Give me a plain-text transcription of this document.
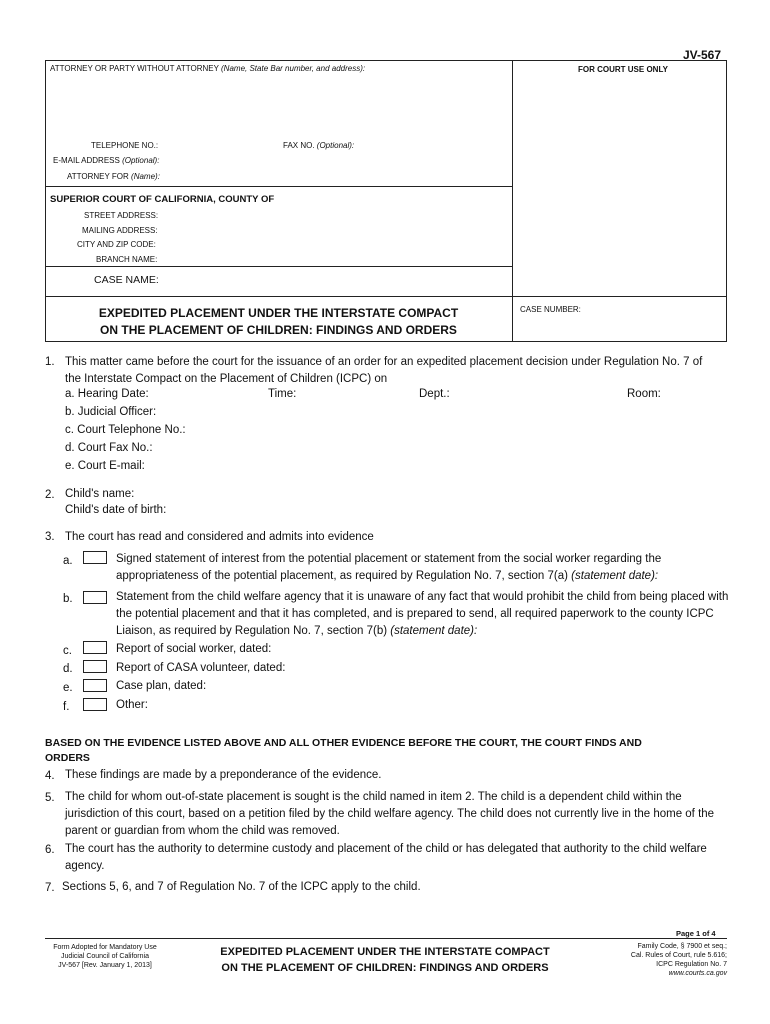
JV-567
ATTORNEY OR PARTY WITHOUT ATTORNEY (Name, State Bar number, and address):	FOR COURT USE ONLY
TELEPHONE NO.:	FAX NO. (Optional):
E-MAIL ADDRESS (Optional):
ATTORNEY FOR (Name):
SUPERIOR COURT OF CALIFORNIA, COUNTY OF
STREET ADDRESS:
MAILING ADDRESS:
CITY AND ZIP CODE:
BRANCH NAME:
CASE NAME:
EXPEDITED PLACEMENT UNDER THE INTERSTATE COMPACT
ON THE PLACEMENT OF CHILDREN: FINDINGS AND ORDERS
CASE NUMBER:
1. This matter came before the court for the issuance of an order for an expedited placement decision under Regulation No. 7 of
the Interstate Compact on the Placement of Children (ICPC) on
a. Hearing Date:	Time:	Dept.:	Room:
b. Judicial Officer:
c. Court Telephone No.:
d. Court Fax No.:
e. Court E-mail:
2. Child's name:
Child's date of birth:
3. The court has read and considered and admits into evidence
a.	Signed statement of interest from the potential placement or statement from the social worker regarding the
appropriateness of the potential placement, as required by Regulation No. 7, section 7(a) (statement date):
b.	Statement from the child welfare agency that it is unaware of any fact that would prohibit the child from being placed with
the potential placement and that it has completed, and is prepared to send, all required paperwork to the county ICPC
Liaison, as required by Regulation No. 7, section 7(b) (statement date):
c.	Report of social worker, dated:
d.	Report of CASA volunteer, dated:
e.	Case plan, dated:
f.	Other:
BASED ON THE EVIDENCE LISTED ABOVE AND ALL OTHER EVIDENCE BEFORE THE COURT, THE COURT FINDS AND
ORDERS
4. These findings are made by a preponderance of the evidence.
5. The child for whom out-of-state placement is sought is the child named in item 2. The child is a dependent child within the
jurisdiction of this court, based on a petition filed by the child welfare agency. The child does not currently live in the home of the
parent or guardian from whom the child was removed.
6. The court has the authority to determine custody and placement of the child or has delegated that authority to the child welfare
agency.
7. Sections 5, 6, and 7 of Regulation No. 7 of the ICPC apply to the child.
Page 1 of 4
Form Adopted for Mandatory Use
Judicial Council of California
JV-567 [Rev. January 1, 2013]
EXPEDITED PLACEMENT UNDER THE INTERSTATE COMPACT
ON THE PLACEMENT OF CHILDREN: FINDINGS AND ORDERS
Family Code, § 7900 et seq.;
Cal. Rules of Court, rule 5.616;
ICPC Regulation No. 7
www.courts.ca.gov
